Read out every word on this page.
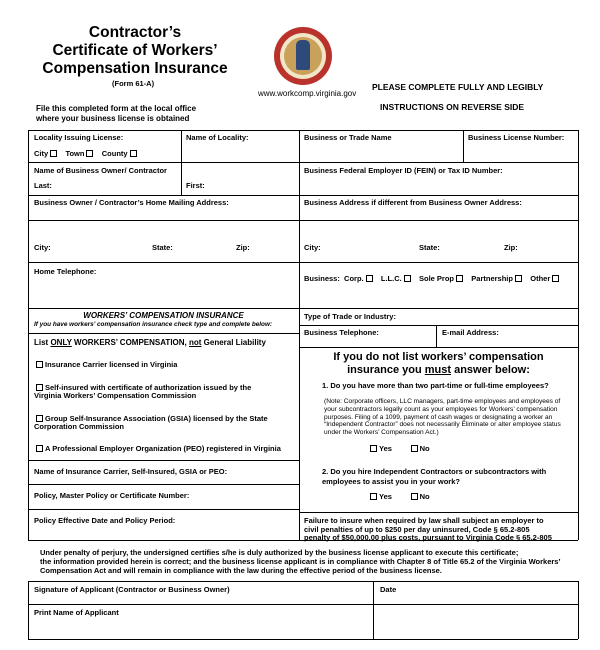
Contractor’s
Certificate of Workers’
Compensation Insurance
(Form 61-A)
www.workcomp.virginia.gov
File this completed form at the local office
where your business license is obtained
PLEASE COMPLETE FULLY AND LEGIBLY
INSTRUCTIONS ON REVERSE SIDE
Locality Issuing License:	Name of Locality:
City Town County
Name of Business Owner/ Contractor
Last:	First:
Business Owner / Contractor’s Home Mailing Address:
City:	State:	Zip:
Home Telephone:
Business or Trade Name	Business License Number:
Business Federal Employer ID (FEIN) or Tax ID Number:
Business Address if different from Business Owner Address:
City:	State:	Zip:
Business: Corp. L.L.C. Sole Prop Partnership Other
Type of Trade or Industry:
Business Telephone:	E-mail Address:
If you do not list workers’ compensation
insurance you must answer below:
1. Do you have more than two part-time or full-time employees?
(Note: Corporate officers, LLC managers, part-time employees and employees of your subcontractors legally count as your employees for Workers’ compensation purposes. Filing of a 1099, payment of cash wages or designating a worker an “Independent Contractor” does not necessarily Eliminate or alter employee status under the Workers’ Compensation Act.)
Yes	No
2. Do you hire Independent Contractors or subcontractors with employees to assist you in your work?
Yes	No
Failure to insure when required by law shall subject an employer to
civil penalties of up to $250 per day uninsured, Code § 65.2-805
penalty of $50,000.00 plus costs, pursuant to Virginia Code § 65.2-805
WORKERS’ COMPENSATION INSURANCE
If you have workers’ compensation insurance check type and complete below:
List ONLY WORKERS’ COMPENSATION, not General Liability
Insurance Carrier licensed in Virginia
Self-insured with certificate of authorization issued by the
Virginia Workers’ Compensation Commission
Group Self-Insurance Association (GSIA) licensed by the State
Corporation Commission
A Professional Employer Organization (PEO) registered in Virginia
Name of Insurance Carrier, Self-Insured, GSIA or PEO:
Policy, Master Policy or Certificate Number:
Policy Effective Date and Policy Period:
Under penalty of perjury, the undersigned certifies s/he is duly authorized by the business license applicant to execute this certificate;
the information provided herein is correct; and the business license applicant is in compliance with Chapter 8 of Title 65.2 of the Virginia Workers’
Compensation Act and will remain in compliance with the law during the effective period of the business license.
Signature of Applicant (Contractor or Business Owner)	Date
Print Name of Applicant
